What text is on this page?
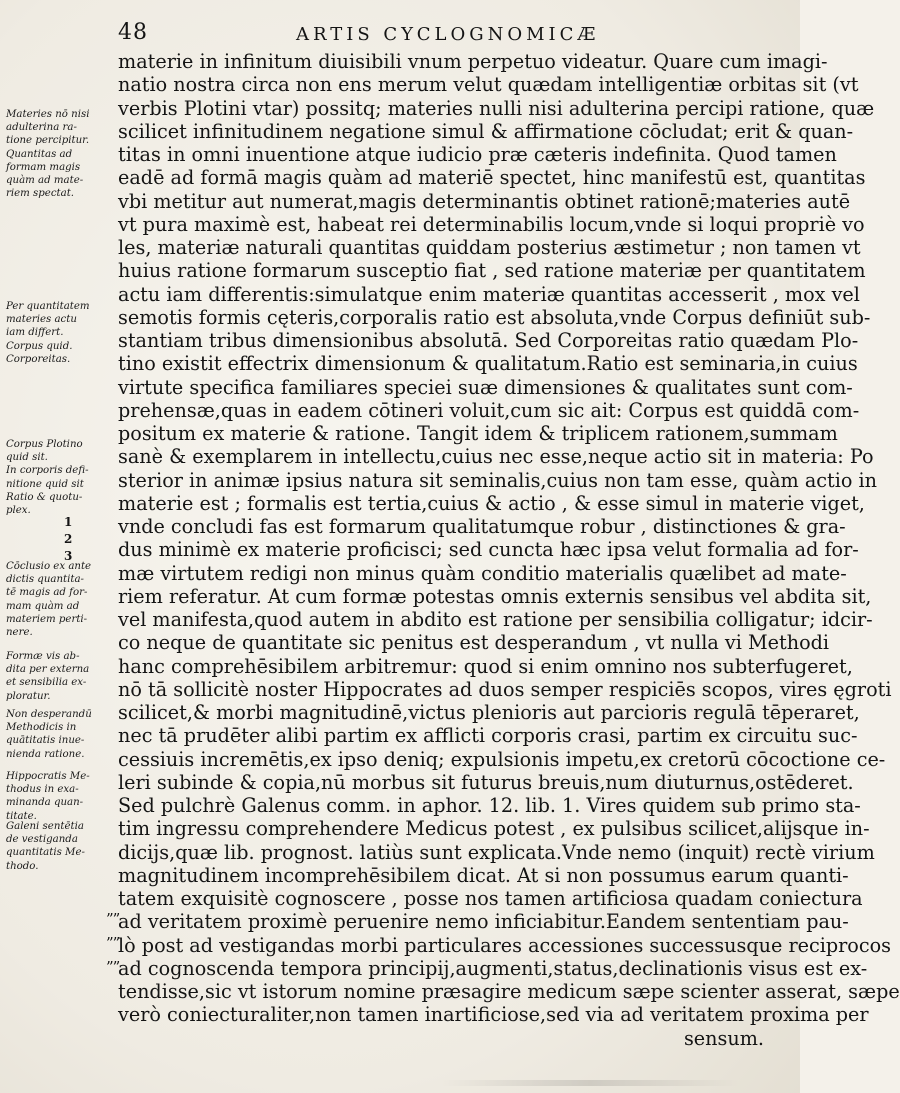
48	ARTIS CYCLOGNOMICÆ
materie in infinitum diuisibili vnum perpetuo videatur. Quare cum imagi-
natio nostra circa non ens merum velut quædam intelligentiæ orbitas sit (vt
verbis Plotini vtar) possitq; materies nulli nisi adulterina percipi ratione, quæ
scilicet infinitudinem negatione simul & affirmatione cōcludat; erit & quan-
titas in omni inuentione atque iudicio præ cæteris indefinita. Quod tamen
eadē ad formā magis quàm ad materiē spectet, hinc manifestū est, quantitas
vbi metitur aut numerat,magis determinantis obtinet rationē;materies autē
vt pura maximè est, habeat rei determinabilis locum,vnde si loqui propriè vo
les, materiæ naturali quantitas quiddam posterius æstimetur ; non tamen vt
huius ratione formarum susceptio fiat , sed ratione materiæ per quantitatem
actu iam differentis:simulatque enim materiæ quantitas accesserit , mox vel
semotis formis cęteris,corporalis ratio est absoluta,vnde Corpus definiūt sub-
stantiam tribus dimensionibus absolutā. Sed Corporeitas ratio quædam Plo-
tino existit effectrix dimensionum & qualitatum.Ratio est seminaria,in cuius
virtute specifica familiares speciei suæ dimensiones & qualitates sunt com-
prehensæ,quas in eadem cōtineri voluit,cum sic ait: Corpus est quiddā com-
positum ex materie & ratione. Tangit idem & triplicem rationem,summam
sanè & exemplarem in intellectu,cuius nec esse,neque actio sit in materia: Po
sterior in animæ ipsius natura sit seminalis,cuius non tam esse, quàm actio in
materie est ; formalis est tertia,cuius & actio , & esse simul in materie viget,
vnde concludi fas est formarum qualitatumque robur , distinctiones & gra-
dus minimè ex materie proficisci; sed cuncta hæc ipsa velut formalia ad for-
mæ virtutem redigi non minus quàm conditio materialis quælibet ad mate-
riem referatur. At cum formæ potestas omnis externis sensibus vel abdita sit,
vel manifesta,quod autem in abdito est ratione per sensibilia colligatur; idcir-
co neque de quantitate sic penitus est desperandum , vt nulla vi Methodi
hanc comprehēsibilem arbitremur: quod si enim omnino nos subterfugeret,
nō tā sollicitè noster Hippocrates ad duos semper respiciēs scopos, vires ęgroti
scilicet,& morbi magnitudinē,victus plenioris aut parcioris regulā tēperaret,
nec tā prudēter alibi partim ex afflicti corporis crasi, partim ex circuitu suc-
cessiuis incremētis,ex ipso deniq; expulsionis impetu,ex cretorū cōcoctione ce-
leri subinde & copia,nū morbus sit futurus breuis,num diuturnus,ostēderet.
Sed pulchrè Galenus comm. in aphor. 12. lib. 1. Vires quidem sub primo sta-
tim ingressu comprehendere Medicus potest , ex pulsibus scilicet,alijsque in-
dicijs,quæ lib. prognost. latiùs sunt explicata.Vnde nemo (inquit) rectè virium
magnitudinem incomprehēsibilem dicat. At si non possumus earum quanti-
tatem exquisitè cognoscere , posse nos tamen artificiosa quadam coniectura
ad veritatem proximè peruenire nemo inficiabitur.Eandem sententiam pau-
lò post ad vestigandas morbi particulares accessiones successusque reciprocos
ad cognoscenda tempora principij,augmenti,status,declinationis visus est ex-
tendisse,sic vt istorum nomine præsagire medicum sæpe scienter asserat, sæpe
verò coniecturaliter,non tamen inartificiose,sed via ad veritatem proxima per
sensum.
Materies nō nisi
adulterina ra-
tione percipitur.
Quantitas ad
formam magis
quàm ad mate-
riem spectat.
Per quantitatem
materies actu
iam differt.
Corpus quid.
Corporeitas.
Corpus Plotino
quid sit.
In corporis defi-
nitione quid sit
Ratio & quotu-
plex.
Cōclusio ex ante
dictis quantita-
tē magis ad for-
mam quàm ad
materiem perti-
nere.
Formæ vis ab-
dita per externa
et sensibilia ex-
ploratur.
Non desperandū
Methodicis in
quātitatis inue-
nienda ratione.
Hippocratis Me-
thodus in exa-
minanda quan-
titate.
Galeni sentētia
de vestiganda
quantitatis Me-
thodo.
1
2
3
””
””
””
